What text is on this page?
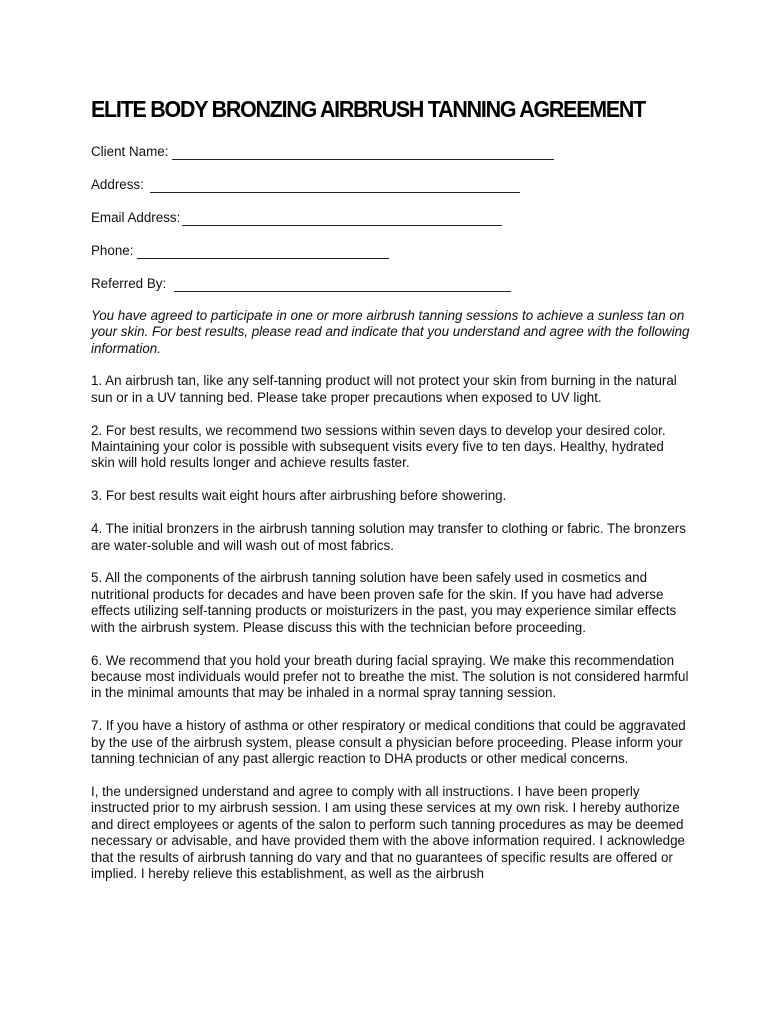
ELITE BODY BRONZING AIRBRUSH TANNING AGREEMENT
Client Name:
Address:
Email Address:
Phone:
Referred By:

You have agreed to participate in one or more airbrush tanning sessions to achieve a sunless tan on your skin. For best results, please read and indicate that you understand and agree with the following information.

1. An airbrush tan, like any self-tanning product will not protect your skin from burning in the natural sun or in a UV tanning bed. Please take proper precautions when exposed to UV light.

2. For best results, we recommend two sessions within seven days to develop your desired color. Maintaining your color is possible with subsequent visits every five to ten days. Healthy, hydrated skin will hold results longer and achieve results faster.

3. For best results wait eight hours after airbrushing before showering.

4. The initial bronzers in the airbrush tanning solution may transfer to clothing or fabric. The bronzers are water-soluble and will wash out of most fabrics.

5. All the components of the airbrush tanning solution have been safely used in cosmetics and nutritional products for decades and have been proven safe for the skin. If you have had adverse effects utilizing self-tanning products or moisturizers in the past, you may experience similar effects with the airbrush system. Please discuss this with the technician before proceeding.

6. We recommend that you hold your breath during facial spraying. We make this recommendation because most individuals would prefer not to breathe the mist. The solution is not considered harmful in the minimal amounts that may be inhaled in a normal spray tanning session.

7. If you have a history of asthma or other respiratory or medical conditions that could be aggravated by the use of the airbrush system, please consult a physician before proceeding. Please inform your tanning technician of any past allergic reaction to DHA products or other medical concerns.

I, the undersigned understand and agree to comply with all instructions. I have been properly instructed prior to my airbrush session. I am using these services at my own risk. I hereby authorize and direct employees or agents of the salon to perform such tanning procedures as may be deemed necessary or advisable, and have provided them with the above information required. I acknowledge that the results of airbrush tanning do vary and that no guarantees of specific results are offered or implied. I hereby relieve this establishment, as well as the airbrush
